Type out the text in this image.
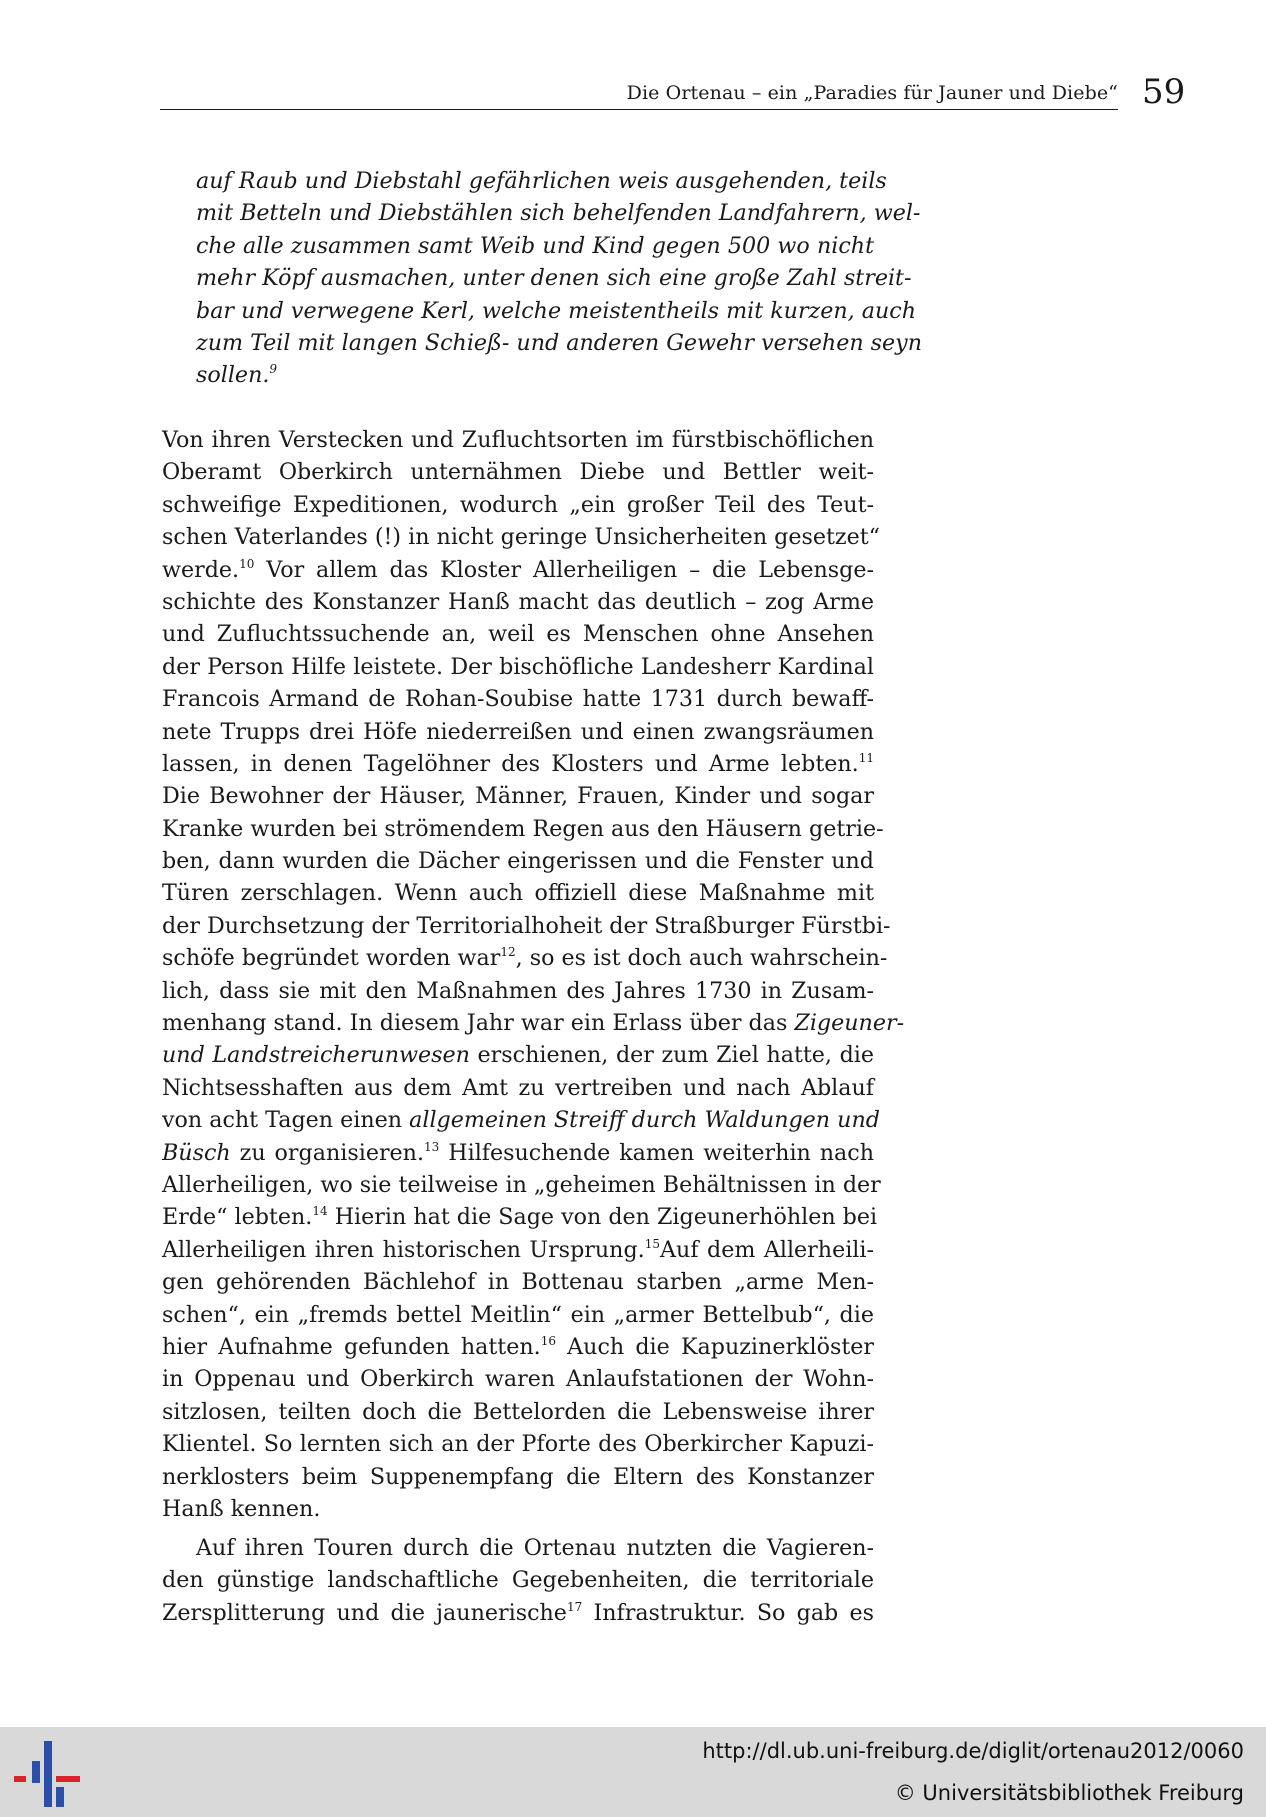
Die Ortenau – ein „Paradies für Jauner und Diebe“ 59
auf Raub und Diebstahl gefährlichen weis ausgehenden, teils
mit Betteln und Diebstählen sich behelfenden Landfahrern, wel-
che alle zusammen samt Weib und Kind gegen 500 wo nicht
mehr Köpf ausmachen, unter denen sich eine große Zahl streit-
bar und verwegene Kerl, welche meistentheils mit kurzen, auch
zum Teil mit langen Schieß- und anderen Gewehr versehen seyn
sollen.$^9$
Von ihren Verstecken und Zufluchtsorten im fürstbischöflichen
Oberamt Oberkirch unternähmen Diebe und Bettler weit-
schweifige Expeditionen, wodurch „ein großer Teil des Teut-
schen Vaterlandes (!) in nicht geringe Unsicherheiten gesetzet“
werde.$^{10}$ Vor allem das Kloster Allerheiligen – die Lebensge-
schichte des Konstanzer Hanß macht das deutlich – zog Arme
und Zufluchtssuchende an, weil es Menschen ohne Ansehen
der Person Hilfe leistete. Der bischöfliche Landesherr Kardinal
Francois Armand de Rohan-Soubise hatte 1731 durch bewaff-
nete Trupps drei Höfe niederreißen und einen zwangsräumen
lassen, in denen Tagelöhner des Klosters und Arme lebten.$^{11}$
Die Bewohner der Häuser, Männer, Frauen, Kinder und sogar
Kranke wurden bei strömendem Regen aus den Häusern getrie-
ben, dann wurden die Dächer eingerissen und die Fenster und
Türen zerschlagen. Wenn auch offiziell diese Maßnahme mit
der Durchsetzung der Territorialhoheit der Straßburger Fürstbi-
schöfe begründet worden war$^{12}$, so es ist doch auch wahrschein-
lich, dass sie mit den Maßnahmen des Jahres 1730 in Zusam-
menhang stand. In diesem Jahr war ein Erlass über das Zigeuner-
und Landstreicherunwesen erschienen, der zum Ziel hatte, die
Nichtsesshaften aus dem Amt zu vertreiben und nach Ablauf
von acht Tagen einen allgemeinen Streiff durch Waldungen und
Büsch zu organisieren.$^{13}$ Hilfesuchende kamen weiterhin nach
Allerheiligen, wo sie teilweise in „geheimen Behältnissen in der
Erde“ lebten.$^{14}$ Hierin hat die Sage von den Zigeunerhöhlen bei
Allerheiligen ihren historischen Ursprung.$^{15}$Auf dem Allerheili-
gen gehörenden Bächlehof in Bottenau starben „arme Men-
schen“, ein „fremds bettel Meitlin“ ein „armer Bettelbub“, die
hier Aufnahme gefunden hatten.$^{16}$ Auch die Kapuzinerklöster
in Oppenau und Oberkirch waren Anlaufstationen der Wohn-
sitzlosen, teilten doch die Bettelorden die Lebensweise ihrer
Klientel. So lernten sich an der Pforte des Oberkircher Kapuzi-
nerklosters beim Suppenempfang die Eltern des Konstanzer
Hanß kennen.
Auf ihren Touren durch die Ortenau nutzten die Vagieren-
den günstige landschaftliche Gegebenheiten, die territoriale
Zersplitterung und die jaunerische$^{17}$ Infrastruktur. So gab es
http://dl.ub.uni-freiburg.de/diglit/ortenau2012/0060
© Universitätsbibliothek Freiburg
